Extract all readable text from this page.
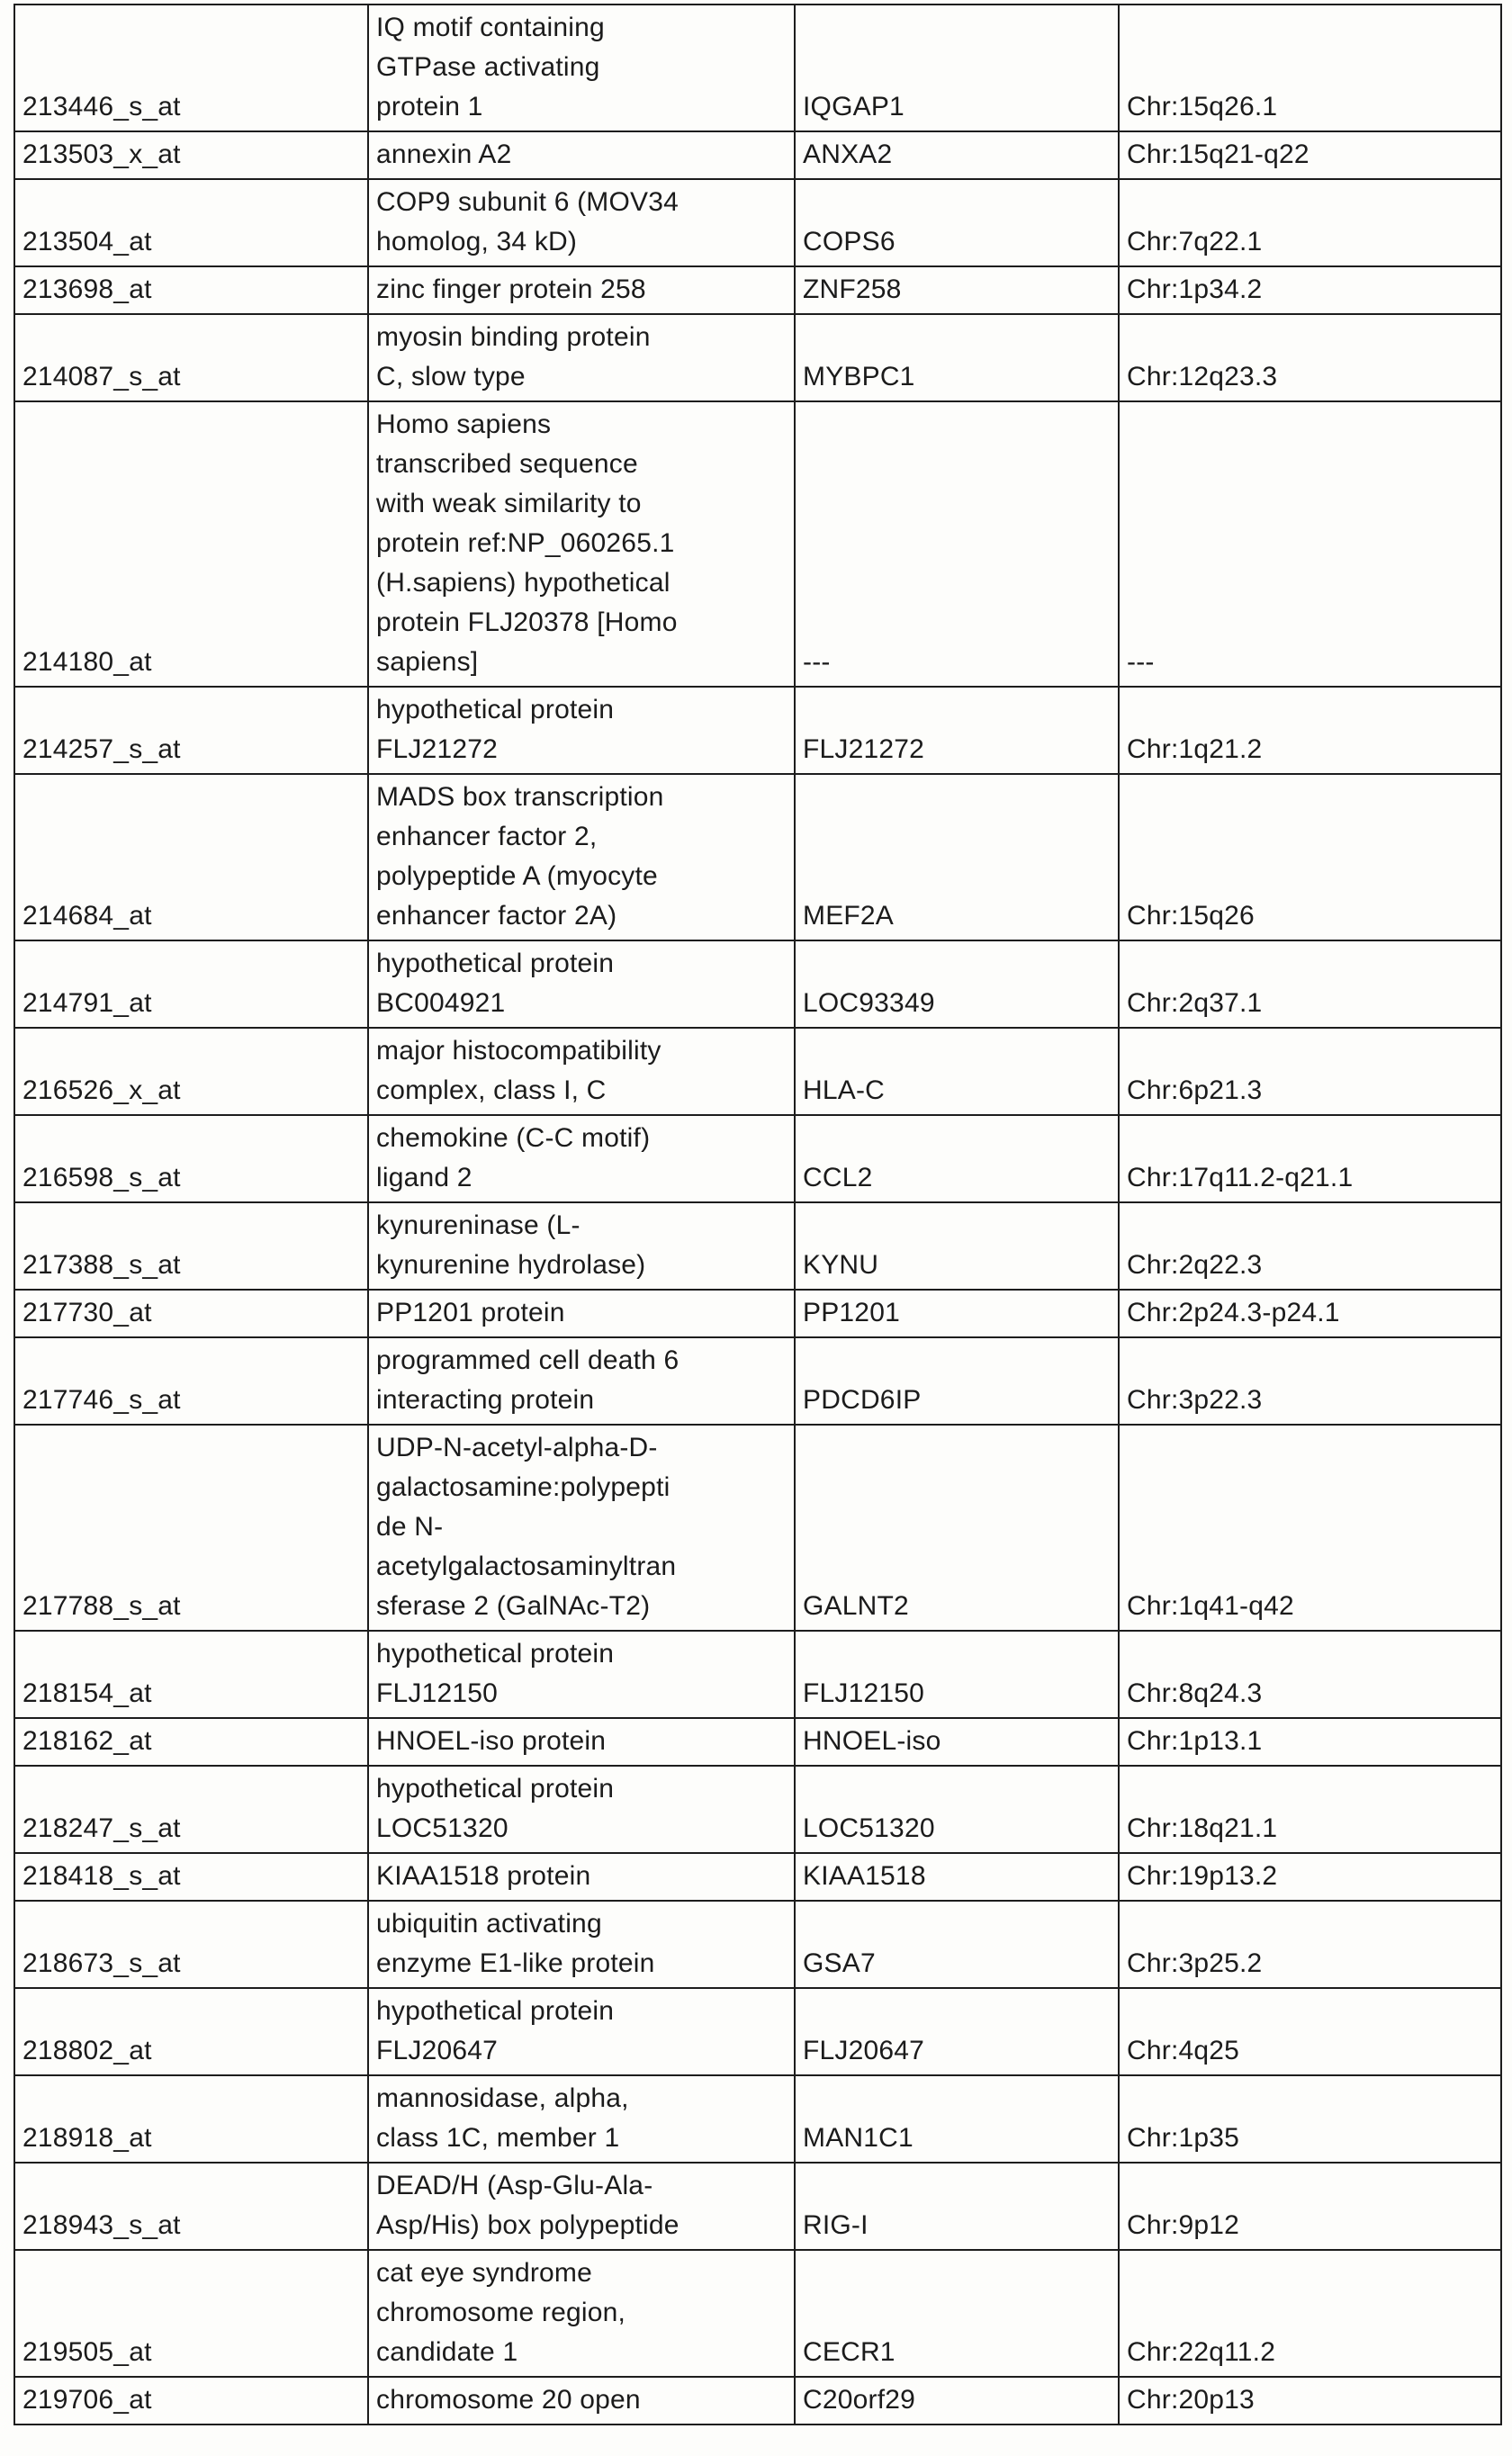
213446_s_at	IQ motif containing
GTPase activating
protein 1	IQGAP1	Chr:15q26.1
213503_x_at	annexin A2	ANXA2	Chr:15q21-q22
213504_at	COP9 subunit 6 (MOV34
homolog, 34 kD)	COPS6	Chr:7q22.1
213698_at	zinc finger protein 258	ZNF258	Chr:1p34.2
214087_s_at	myosin binding protein
C, slow type	MYBPC1	Chr:12q23.3
214180_at	Homo sapiens
transcribed sequence
with weak similarity to
protein ref:NP_060265.1
(H.sapiens) hypothetical
protein FLJ20378 [Homo
sapiens]	---	---
214257_s_at	hypothetical protein
FLJ21272	FLJ21272	Chr:1q21.2
214684_at	MADS box transcription
enhancer factor 2,
polypeptide A (myocyte
enhancer factor 2A)	MEF2A	Chr:15q26
214791_at	hypothetical protein
BC004921	LOC93349	Chr:2q37.1
216526_x_at	major histocompatibility
complex, class I, C	HLA-C	Chr:6p21.3
216598_s_at	chemokine (C-C motif)
ligand 2	CCL2	Chr:17q11.2-q21.1
217388_s_at	kynureninase (L-
kynurenine hydrolase)	KYNU	Chr:2q22.3
217730_at	PP1201 protein	PP1201	Chr:2p24.3-p24.1
217746_s_at	programmed cell death 6
interacting protein	PDCD6IP	Chr:3p22.3
217788_s_at	UDP-N-acetyl-alpha-D-
galactosamine:polypepti
de N-
acetylgalactosaminyltran
sferase 2 (GalNAc-T2)	GALNT2	Chr:1q41-q42
218154_at	hypothetical protein
FLJ12150	FLJ12150	Chr:8q24.3
218162_at	HNOEL-iso protein	HNOEL-iso	Chr:1p13.1
218247_s_at	hypothetical protein
LOC51320	LOC51320	Chr:18q21.1
218418_s_at	KIAA1518 protein	KIAA1518	Chr:19p13.2
218673_s_at	ubiquitin activating
enzyme E1-like protein	GSA7	Chr:3p25.2
218802_at	hypothetical protein
FLJ20647	FLJ20647	Chr:4q25
218918_at	mannosidase, alpha,
class 1C, member 1	MAN1C1	Chr:1p35
218943_s_at	DEAD/H (Asp-Glu-Ala-
Asp/His) box polypeptide	RIG-I	Chr:9p12
219505_at	cat eye syndrome
chromosome region,
candidate 1	CECR1	Chr:22q11.2
219706_at	chromosome 20 open	C20orf29	Chr:20p13
